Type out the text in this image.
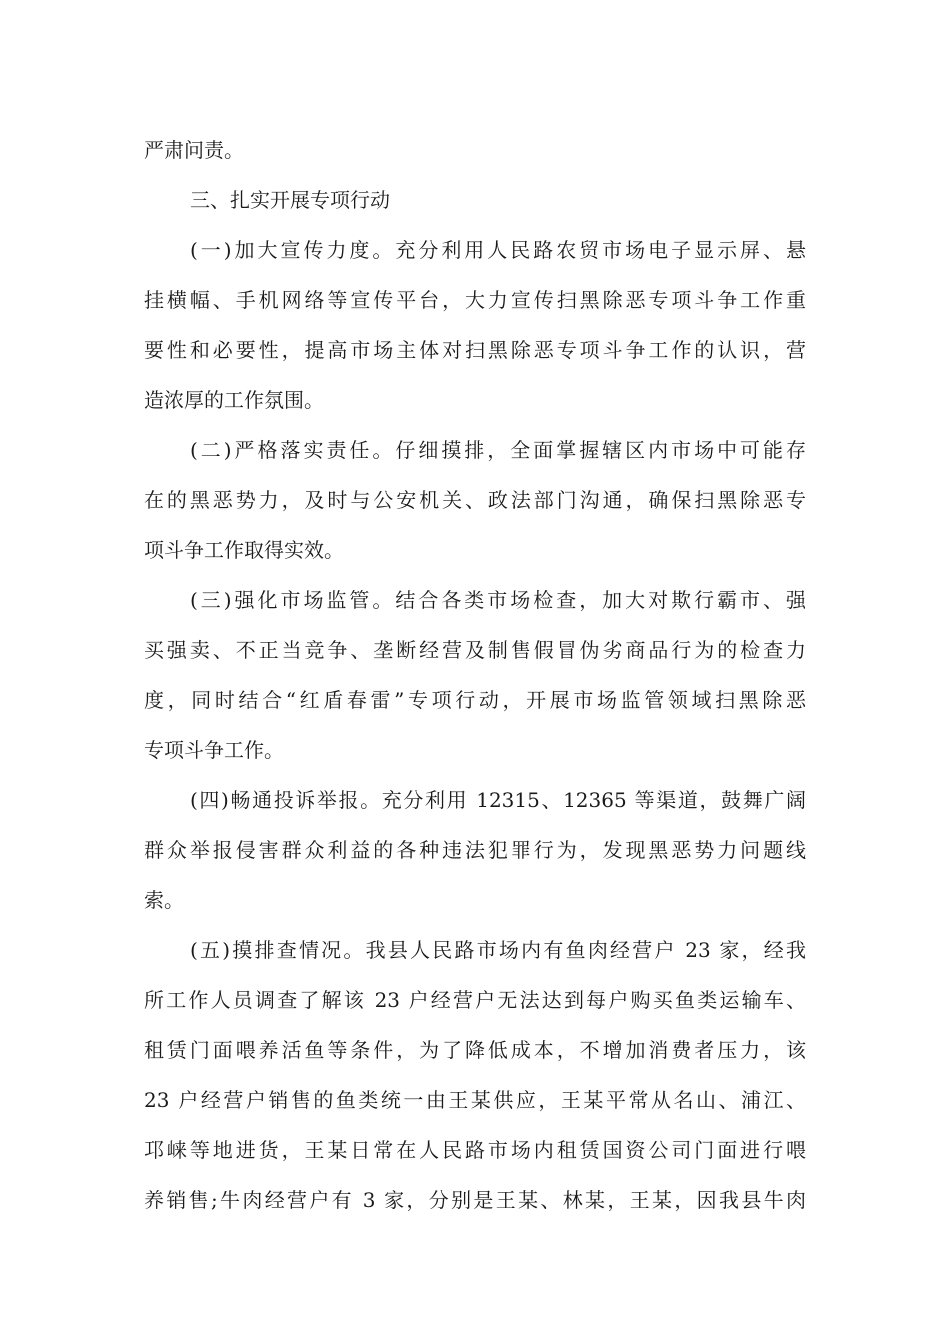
严肃问责。
三、扎实开展专项行动
(一)加大宣传力度。充分利用人民路农贸市场电子显示屏、悬
挂横幅、手机网络等宣传平台，大力宣传扫黑除恶专项斗争工作重
要性和必要性，提高市场主体对扫黑除恶专项斗争工作的认识，营
造浓厚的工作氛围。
(二)严格落实责任。仔细摸排，全面掌握辖区内市场中可能存
在的黑恶势力，及时与公安机关、政法部门沟通，确保扫黑除恶专
项斗争工作取得实效。
(三)强化市场监管。结合各类市场检查，加大对欺行霸市、强
买强卖、不正当竞争、垄断经营及制售假冒伪劣商品行为的检查力
度，同时结合“红盾春雷”专项行动，开展市场监管领域扫黑除恶
专项斗争工作。
(四)畅通投诉举报。充分利用 12315、12365 等渠道，鼓舞广阔
群众举报侵害群众利益的各种违法犯罪行为，发现黑恶势力问题线
索。
(五)摸排查情况。我县人民路市场内有鱼肉经营户 23 家，经我
所工作人员调查了解该 23 户经营户无法达到每户购买鱼类运输车、
租赁门面喂养活鱼等条件，为了降低成本，不增加消费者压力，该
23 户经营户销售的鱼类统一由王某供应，王某平常从名山、浦江、
邛崃等地进货，王某日常在人民路市场内租赁国资公司门面进行喂
养销售;牛肉经营户有 3 家，分别是王某、林某，王某，因我县牛肉
